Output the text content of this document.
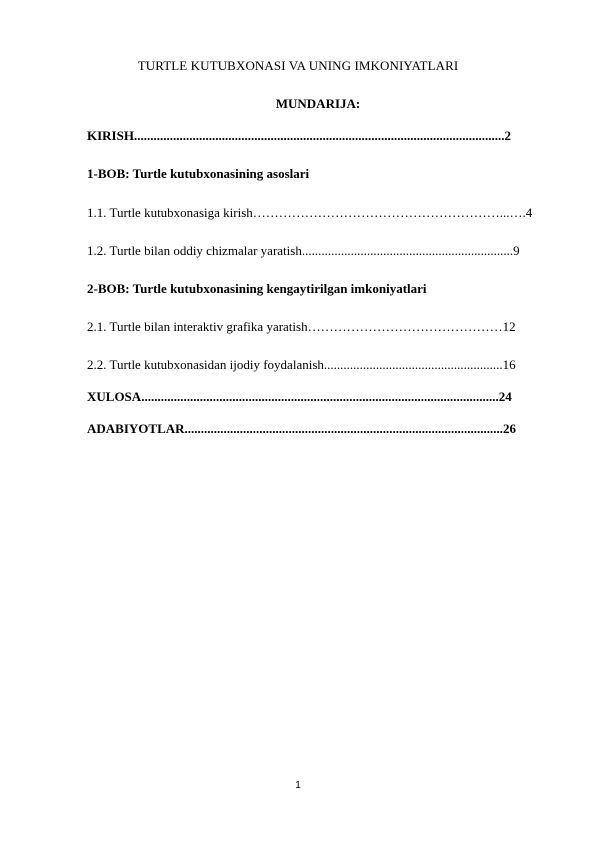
TURTLE KUTUBXONASI VA UNING IMKONIYATLARI
MUNDARIJA:
KIRISH..................................................................................................................2
1-BOB: Turtle kutubxonasining asoslari
1.1. Turtle kutubxonasiga kirish…………………………………………………...….4
1.2. Turtle bilan oddiy chizmalar yaratish.................................................................9
2-BOB: Turtle kutubxonasining kengaytirilgan imkoniyatlari
2.1. Turtle bilan interaktiv grafika yaratish………………………………………12
2.2. Turtle kutubxonasidan ijodiy foydalanish.......................................................16
XULOSA..............................................................................................................24
ADABIYOTLAR..................................................................................................26
1
